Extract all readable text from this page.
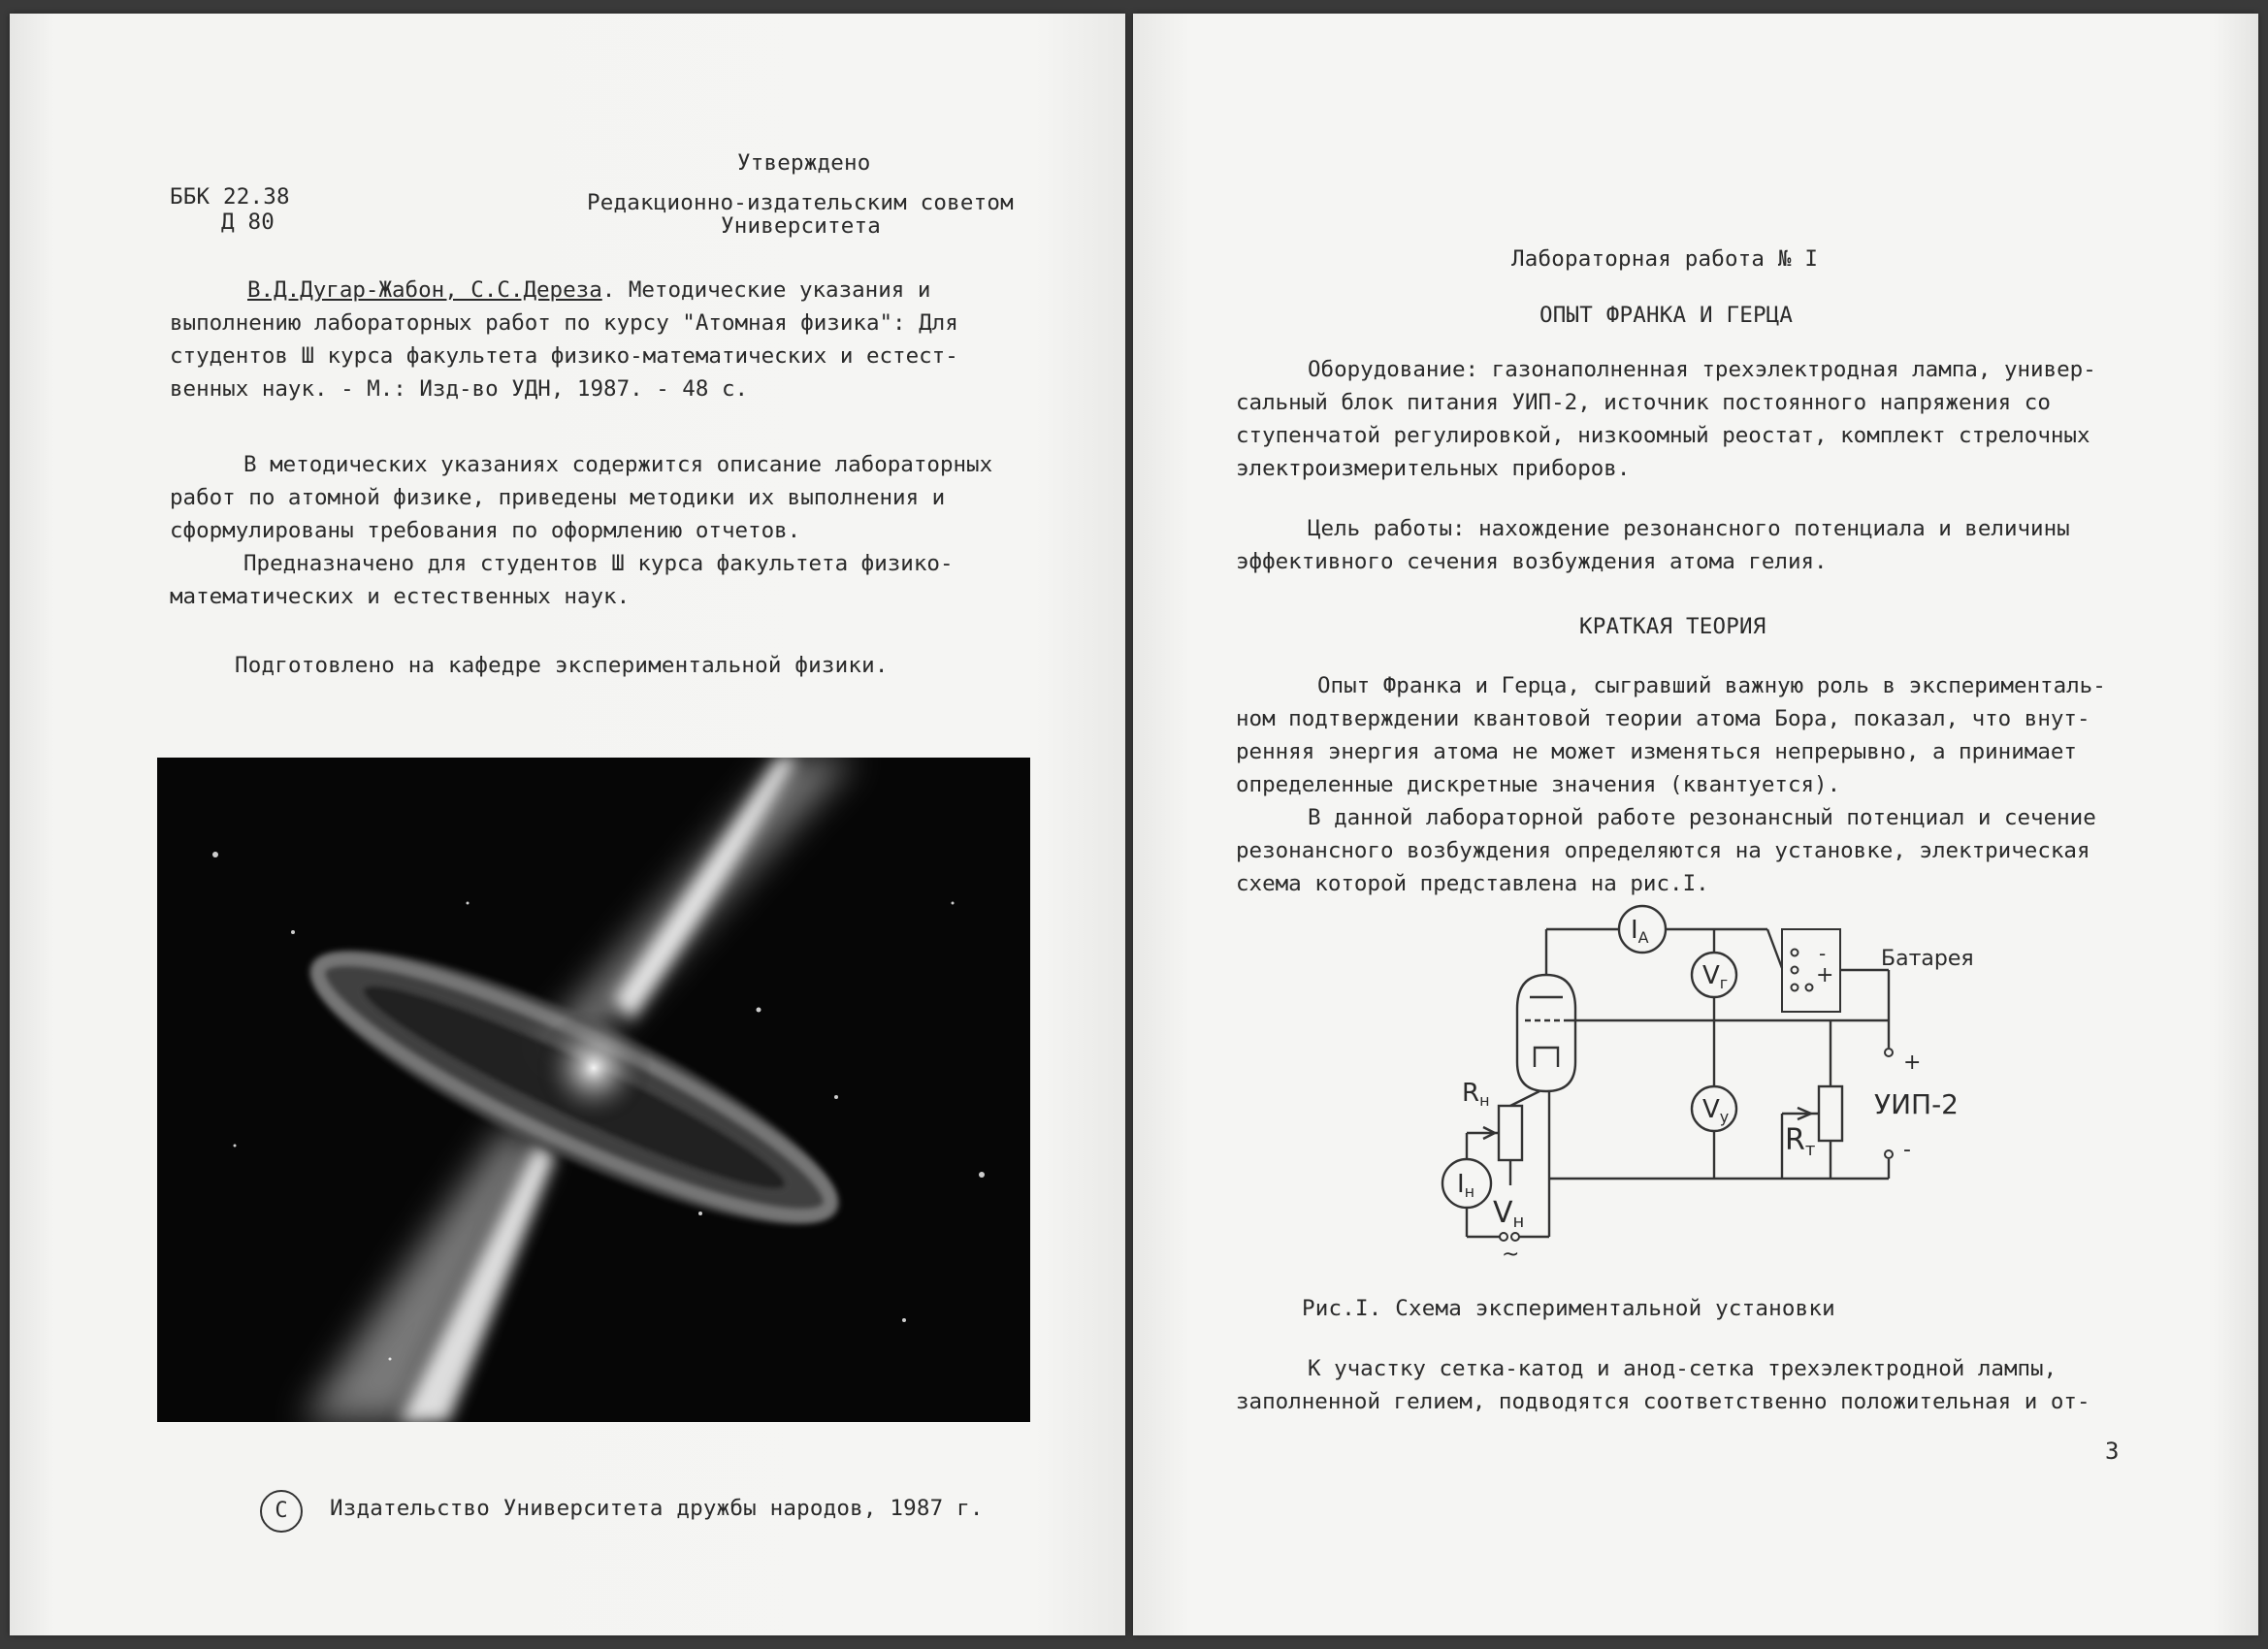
Утверждено
Редакционно-издательским советом
Университета
ББК 22.38
Д 80

В.Д.Дугар-Жабон, С.С.Дереза. Методические указания и

выполнению лабораторных работ по курсу "Атомная физика": Для

студентов Ш курса факультета физико-математических и естест-

венных наук. - М.: Изд-во УДН, 1987. - 48 с.

В методических указаниях содержится описание лабораторных

работ по атомной физике, приведены методики их выполнения и

сформулированы требования по оформлению отчетов.

Предназначено для студентов Ш курса факультета физико-

математических и естественных наук.

Подготовлено на кафедре экспериментальной физики.
C	Издательство Университета дружбы народов, 1987 г.
Лабораторная работа № I
ОПЫТ ФРАНКА И ГЕРЦА

Оборудование: газонаполненная трехэлектродная лампа, универ-

сальный блок питания УИП-2, источник постоянного напряжения со

ступенчатой регулировкой, низкоомный реостат, комплект стрелочных

электроизмерительных приборов.

Цель работы: нахождение резонансного потенциала и величины

эффективного сечения возбуждения атома гелия.

КРАТКАЯ ТЕОРИЯ

Опыт Франка и Герца, сыгравший важную роль в эксперименталь-

ном подтверждении квантовой теории атома Бора, показал, что внут-

ренняя энергия атома не может изменяться непрерывно, а принимает

определенные дискретные значения (квантуется).

В данной лабораторной работе резонансный потенциал и сечение

резонансного возбуждения определяются на установке, электрическая

схема которой представлена на рис.I.

Рис.I. Схема экспериментальной установки

К участку сетка-катод и анод-сетка трехэлектродной лампы,

заполненной гелием, подводятся соответственно положительная и от-

3
IA
Vг
Vу
Iн
Vн
Rн
$R_т$
Батарея
-
+
+
УИП-2
-
~
